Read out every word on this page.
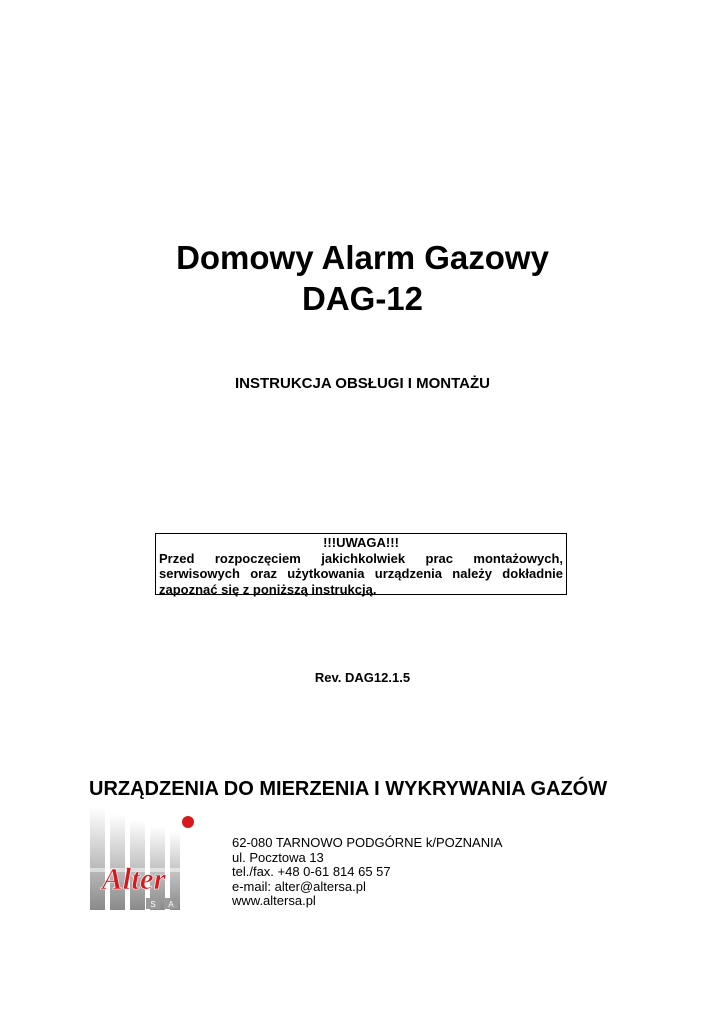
Domowy Alarm Gazowy
DAG-12
INSTRUKCJA OBSŁUGI I MONTAŻU
!!!UWAGA!!!
Przed rozpoczęciem jakichkolwiek prac montażowych, serwisowych oraz użytkowania urządzenia należy dokładnie zapoznać się z poniższą instrukcją.
Rev. DAG12.1.5
URZĄDZENIA DO MIERZENIA I WYKRYWANIA GAZÓW
Alter
S A
62-080 TARNOWO PODGÓRNE k/POZNANIA
ul. Pocztowa 13
tel./fax. +48 0-61 814 65 57
e-mail: alter@altersa.pl
www.altersa.pl
